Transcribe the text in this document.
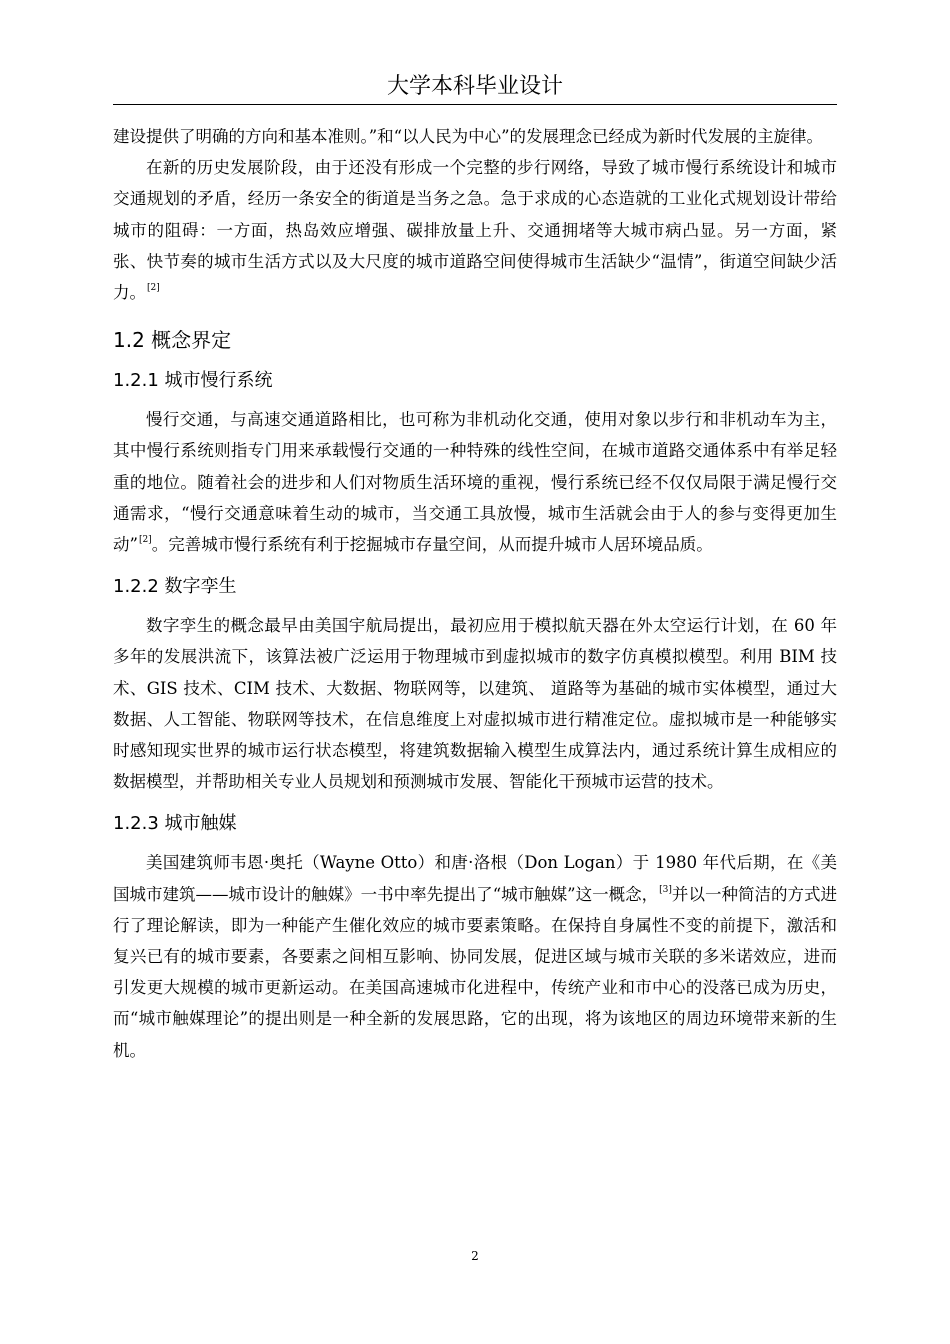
大学本科毕业设计

建设提供了明确的方向和基本准则。”和“以人民为中心”的发展理念已经成为新时代发展的主旋律。

在新的历史发展阶段，由于还没有形成一个完整的步行网络，导致了城市慢行系统设计和城市交通规划的矛盾，经历一条安全的街道是当务之急。急于求成的心态造就的工业化式规划设计带给城市的阻碍：一方面，热岛效应增强、碳排放量上升、交通拥堵等大城市病凸显。另一方面，紧张、快节奏的城市生活方式以及大尺度的城市道路空间使得城市生活缺少“温情”，街道空间缺少活力。[2]

1.2 概念界定
1.2.1 城市慢行系统

慢行交通，与高速交通道路相比，也可称为非机动化交通，使用对象以步行和非机动车为主，其中慢行系统则指专门用来承载慢行交通的一种特殊的线性空间，在城市道路交通体系中有举足轻重的地位。随着社会的进步和人们对物质生活环境的重视，慢行系统已经不仅仅局限于满足慢行交通需求，“慢行交通意味着生动的城市，当交通工具放慢，城市生活就会由于人的参与变得更加生动”[2]。完善城市慢行系统有利于挖掘城市存量空间，从而提升城市人居环境品质。

1.2.2 数字孪生

数字孪生的概念最早由美国宇航局提出，最初应用于模拟航天器在外太空运行计划，在 60 年多年的发展洪流下，该算法被广泛运用于物理城市到虚拟城市的数字仿真模拟模型。利用 BIM 技术、GIS 技术、CIM 技术、大数据、物联网等，以建筑、 道路等为基础的城市实体模型，通过大数据、人工智能、物联网等技术，在信息维度上对虚拟城市进行精准定位。虚拟城市是一种能够实时感知现实世界的城市运行状态模型，将建筑数据输入模型生成算法内，通过系统计算生成相应的数据模型，并帮助相关专业人员规划和预测城市发展、智能化干预城市运营的技术。

1.2.3 城市触媒

美国建筑师韦恩·奥托（Wayne Otto）和唐·洛根（Don Logan）于 1980 年代后期，在《美国城市建筑——城市设计的触媒》一书中率先提出了“城市触媒”这一概念，[3]并以一种简洁的方式进行了理论解读，即为一种能产生催化效应的城市要素策略。在保持自身属性不变的前提下，激活和复兴已有的城市要素，各要素之间相互影响、协同发展，促进区域与城市关联的多米诺效应，进而引发更大规模的城市更新运动。在美国高速城市化进程中，传统产业和市中心的没落已成为历史，而“城市触媒理论”的提出则是一种全新的发展思路，它的出现，将为该地区的周边环境带来新的生机。

2
